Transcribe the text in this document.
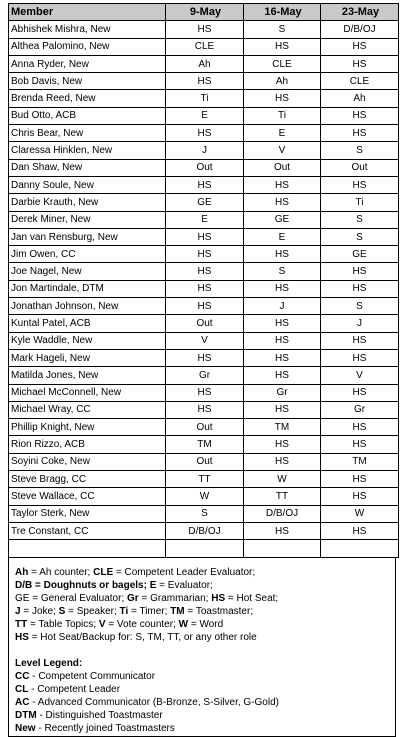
Member	9-May	16-May	23-May
Abhishek Mishra, New	HS	S	D/B/OJ
Althea Palomino, New	CLE	HS	HS
Anna Ryder, New	Ah	CLE	HS
Bob Davis, New	HS	Ah	CLE
Brenda Reed, New	Ti	HS	Ah
Bud Otto, ACB	E	Ti	HS
Chris Bear, New	HS	E	HS
Claressa Hinklen, New	J	V	S
Dan Shaw, New	Out	Out	Out
Danny Soule, New	HS	HS	HS
Darbie Krauth, New	GE	HS	Ti
Derek Miner, New	E	GE	S
Jan van Rensburg, New	HS	E	S
Jim Owen, CC	HS	HS	GE
Joe Nagel, New	HS	S	HS
Jon Martindale, DTM	HS	HS	HS
Jonathan Johnson, New	HS	J	S
Kuntal Patel, ACB	Out	HS	J
Kyle Waddle, New	V	HS	HS
Mark Hageli, New	HS	HS	HS
Matilda Jones, New	Gr	HS	V
Michael McConnell, New	HS	Gr	HS
Michael Wray, CC	HS	HS	Gr
Phillip Knight, New	Out	TM	HS
Rion Rizzo, ACB	TM	HS	HS
Soyini Coke, New	Out	HS	TM
Steve Bragg, CC	TT	W	HS
Steve Wallace, CC	W	TT	HS
Taylor Sterk, New	S	D/B/OJ	W
Tre Constant, CC	D/B/OJ	HS	HS

Ah = Ah counter; CLE = Competent Leader Evaluator;

D/B = Doughnuts or bagels; E = Evaluator;

GE = General Evaluator; Gr = Grammarian; HS = Hot Seat;

J = Joke; S = Speaker; Ti = Timer; TM = Toastmaster;

TT = Table Topics; V = Vote counter; W = Word

HS = Hot Seat/Backup for: S, TM, TT, or any other role

Level Legend:

CC - Competent Communicator

CL - Competent Leader

AC - Advanced Communicator (B-Bronze, S-Silver, G-Gold)

DTM - Distinguished Toastmaster

New - Recently joined Toastmasters
